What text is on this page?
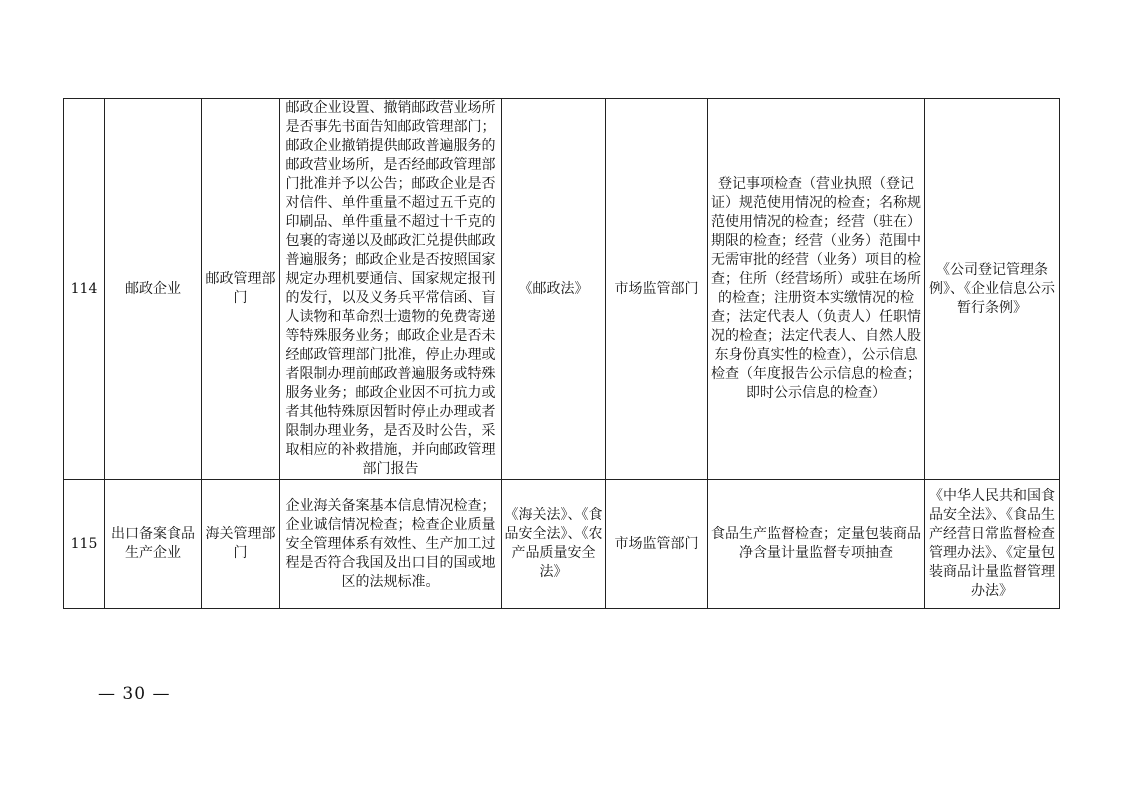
114	邮政企业	邮政管理部门	邮政企业设置、撤销邮政营业场所是否事先书面告知邮政管理部门；邮政企业撤销提供邮政普遍服务的邮政营业场所，是否经邮政管理部门批准并予以公告；邮政企业是否对信件、单件重量不超过五千克的印刷品、单件重量不超过十千克的包裹的寄递以及邮政汇兑提供邮政普遍服务；邮政企业是否按照国家规定办理机要通信、国家规定报刊的发行，以及义务兵平常信函、盲人读物和革命烈士遗物的免费寄递等特殊服务业务；邮政企业是否未经邮政管理部门批准，停止办理或者限制办理前邮政普遍服务或特殊服务业务；邮政企业因不可抗力或者其他特殊原因暂时停止办理或者限制办理业务，是否及时公告，采取相应的补救措施，并向邮政管理部门报告	《邮政法》	市场监管部门	登记事项检查（营业执照（登记证）规范使用情况的检查；名称规范使用情况的检查；经营（驻在）期限的检查；经营（业务）范围中无需审批的经营（业务）项目的检查；住所（经营场所）或驻在场所的检查；注册资本实缴情况的检查；法定代表人（负责人）任职情况的检查；法定代表人、自然人股东身份真实性的检查），公示信息检查（年度报告公示信息的检查；即时公示信息的检查）	《公司登记管理条例》、《企业信息公示暂行条例》
115	出口备案食品生产企业	海关管理部门	企业海关备案基本信息情况检查；企业诚信情况检查；检查企业质量安全管理体系有效性、生产加工过程是否符合我国及出口目的国或地区的法规标准。	《海关法》、《食品安全法》、《农产品质量安全法》	市场监管部门	食品生产监督检查；定量包装商品净含量计量监督专项抽查	《中华人民共和国食品安全法》、《食品生产经营日常监督检查管理办法》、《定量包装商品计量监督管理办法》
— 30 —
